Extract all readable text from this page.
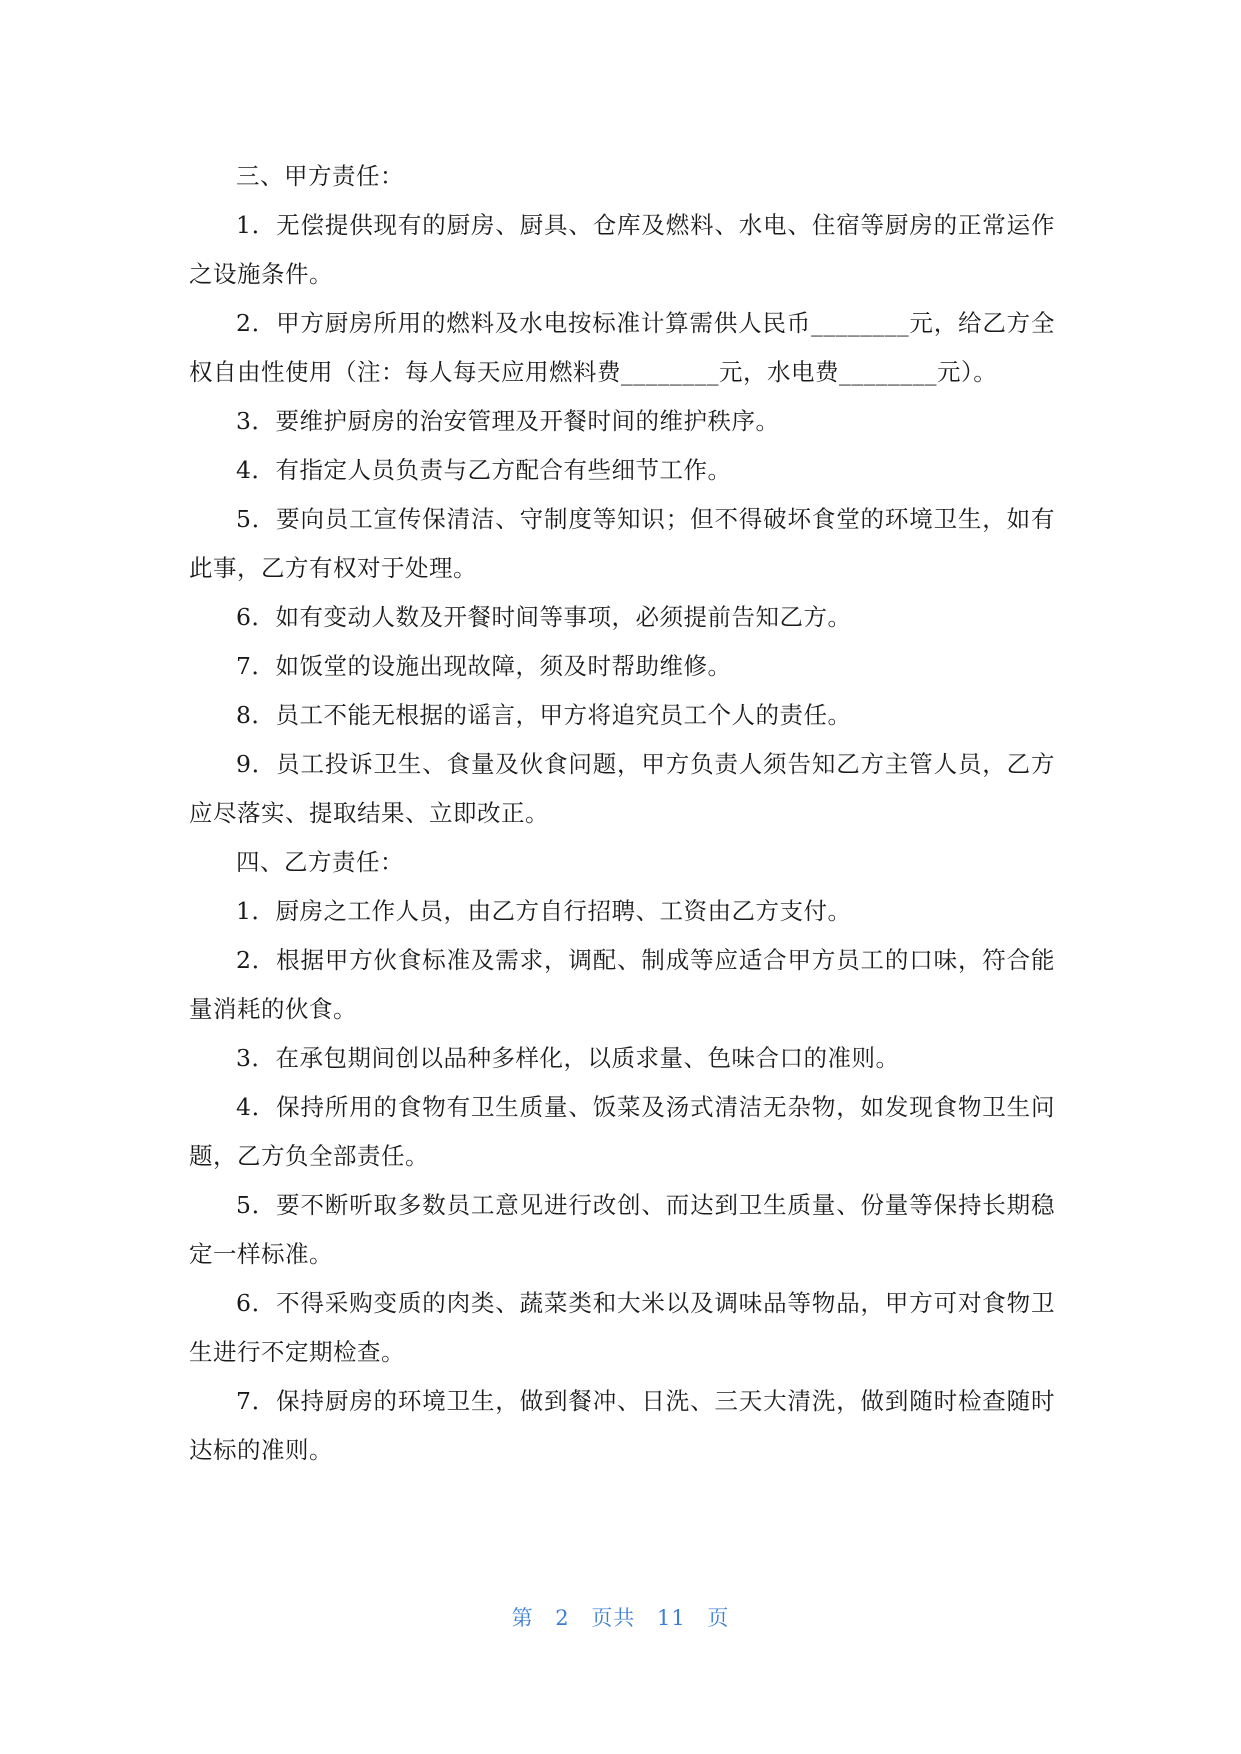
三、甲方责任：

1．无偿提供现有的厨房、厨具、仓库及燃料、水电、住宿等厨房的正常运作之设施条件。

2．甲方厨房所用的燃料及水电按标准计算需供人民币________元，给乙方全权自由性使用（注：每人每天应用燃料费________元，水电费________元）。

3．要维护厨房的治安管理及开餐时间的维护秩序。

4．有指定人员负责与乙方配合有些细节工作。

5．要向员工宣传保清洁、守制度等知识；但不得破坏食堂的环境卫生，如有此事，乙方有权对于处理。

6．如有变动人数及开餐时间等事项，必须提前告知乙方。

7．如饭堂的设施出现故障，须及时帮助维修。

8．员工不能无根据的谣言，甲方将追究员工个人的责任。

9．员工投诉卫生、食量及伙食问题，甲方负责人须告知乙方主管人员，乙方应尽落实、提取结果、立即改正。

四、乙方责任：

1．厨房之工作人员，由乙方自行招聘、工资由乙方支付。

2．根据甲方伙食标准及需求，调配、制成等应适合甲方员工的口味，符合能量消耗的伙食。

3．在承包期间创以品种多样化，以质求量、色味合口的准则。

4．保持所用的食物有卫生质量、饭菜及汤式清洁无杂物，如发现食物卫生问题，乙方负全部责任。

5．要不断听取多数员工意见进行改创、而达到卫生质量、份量等保持长期稳定一样标准。

6．不得采购变质的肉类、蔬菜类和大米以及调味品等物品，甲方可对食物卫生进行不定期检查。

7．保持厨房的环境卫生，做到餐冲、日洗、三天大清洗，做到随时检查随时达标的准则。

第 2 页共 11 页
